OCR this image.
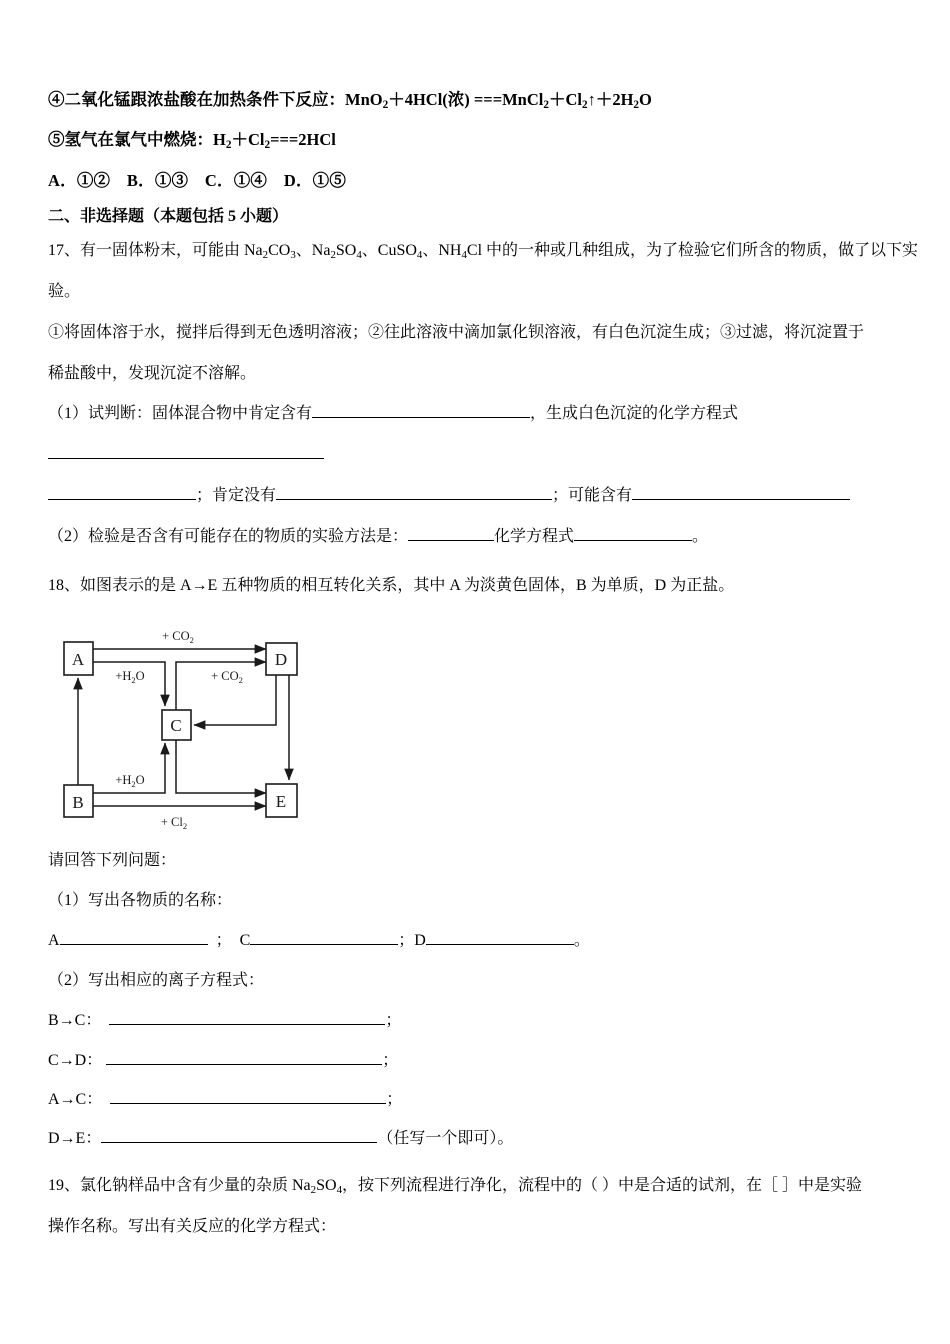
④二氧化锰跟浓盐酸在加热条件下反应：MnO$_2$＋4HCl(浓) $===MnCl_2+Cl_2↑+2H_2O$
⑤氢气在氯气中燃烧：$H_2+Cl_2===2HCl$
A．①②　B．①③　C．①④　D．①⑤
二、非选择题（本题包括 5 小题）
17、有一固体粉末，可能由 $Na_2CO_3$、$Na_2SO_4$、CuSO$_4$、$NH_4Cl$ 中的一种或几种组成，为了检验它们所含的物质，做了以下实
验。
①将固体溶于水，搅拌后得到无色透明溶液；②往此溶液中滴加氯化钡溶液，有白色沉淀生成；③过滤，将沉淀置于
稀盐酸中，发现沉淀不溶解。
（1）试判断：固体混合物中肯定含有	，生成白色沉淀的化学方程式
；肯定没有	；可能含有
（2）检验是否含有可能存在的物质的实验方法是：	化学方程式	。
18、如图表示的是 A→E 五种物质的相互转化关系，其中 A 为淡黄色固体，B 为单质，D 为正盐。
A	D
C
B	E
+ $CO_2$
$+H_2O$	+ $CO_2$
$+H_2O$
+ $Cl_2$
请回答下列问题：
（1）写出各物质的名称：
A	； C	；D	。
（2）写出相应的离子方程式：
B→C：	；
C→D：	；
A→C：	；
D→E：	（任写一个即可）。
19、氯化钠样品中含有少量的杂质 $Na_2SO_4$，按下列流程进行净化，流程中的（ ）中是合适的试剂，在［ ］中是实验
操作名称。写出有关反应的化学方程式：
